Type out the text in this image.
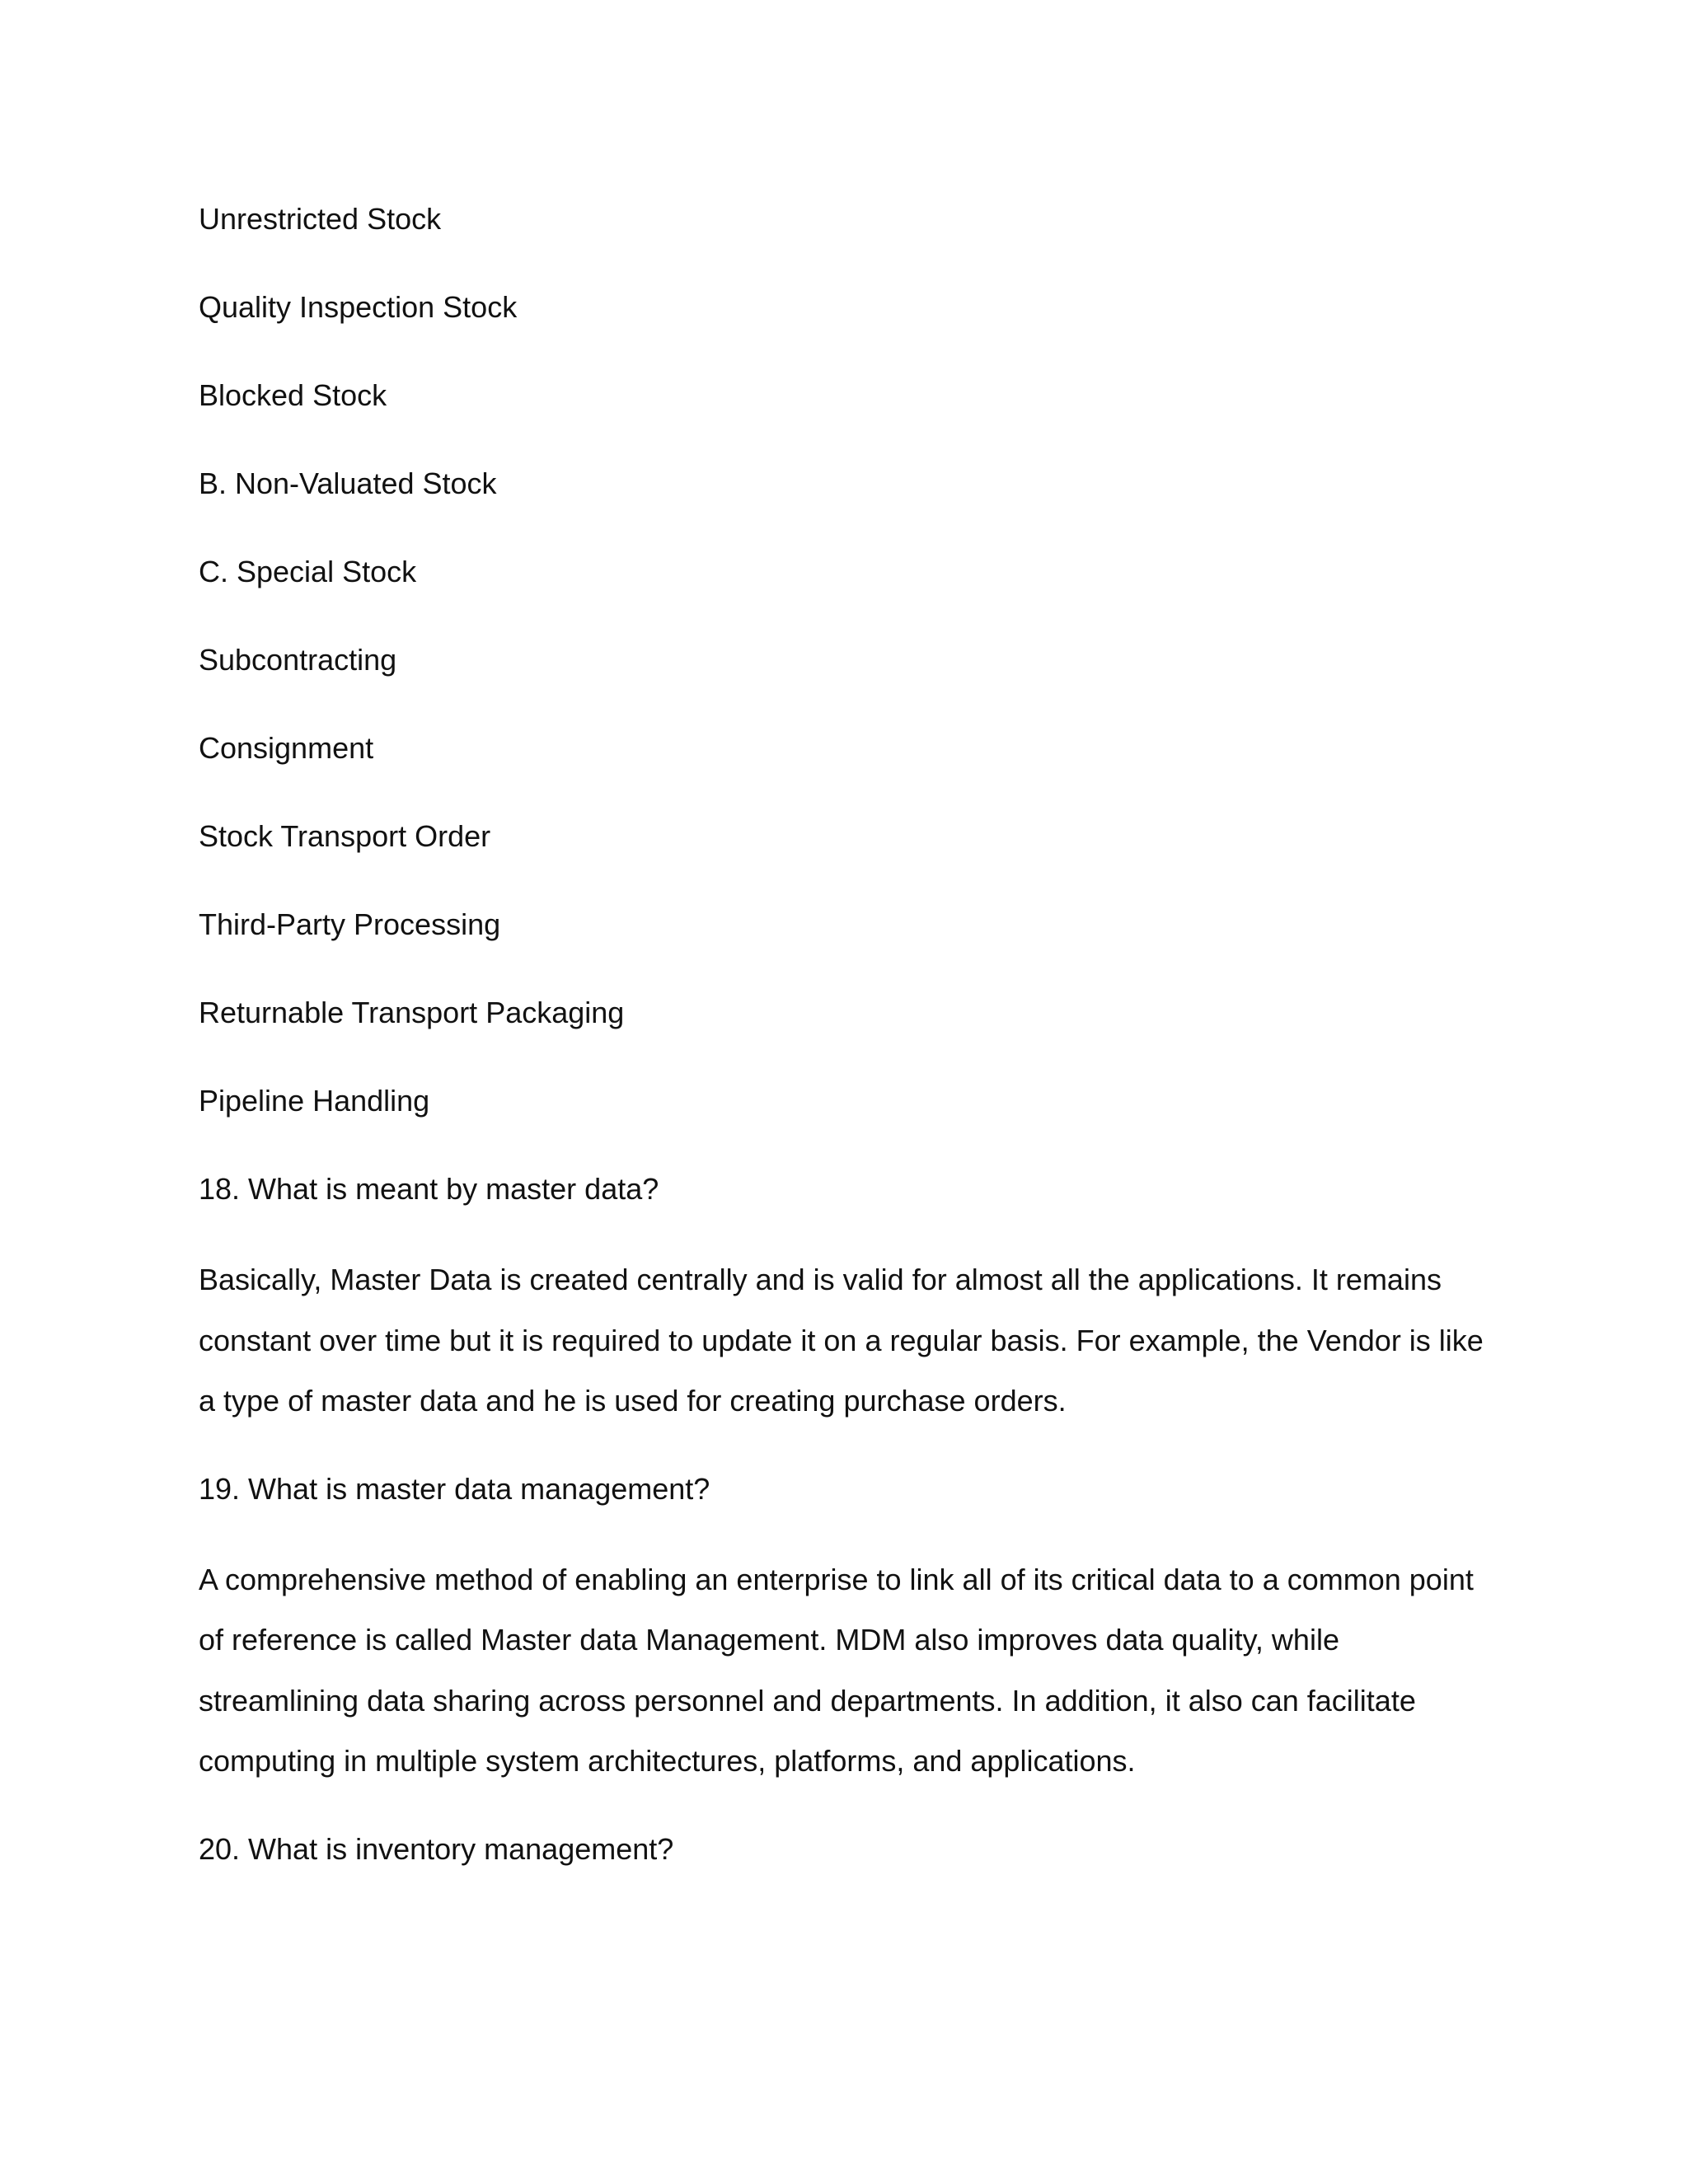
Unrestricted Stock

Quality Inspection Stock

Blocked Stock

B. Non-Valuated Stock

C. Special Stock

Subcontracting

Consignment

Stock Transport Order

Third-Party Processing

Returnable Transport Packaging

Pipeline Handling

18. What is meant by master data?

Basically, Master Data is created centrally and is valid for almost all the applications. It remains constant over time but it is required to update it on a regular basis. For example, the Vendor is like a type of master data and he is used for creating purchase orders.

19. What is master data management?

A comprehensive method of enabling an enterprise to link all of its critical data to a common point of reference is called Master data Management. MDM also improves data quality, while streamlining data sharing across personnel and departments. In addition, it also can facilitate computing in multiple system architectures, platforms, and applications.

20. What is inventory management?
